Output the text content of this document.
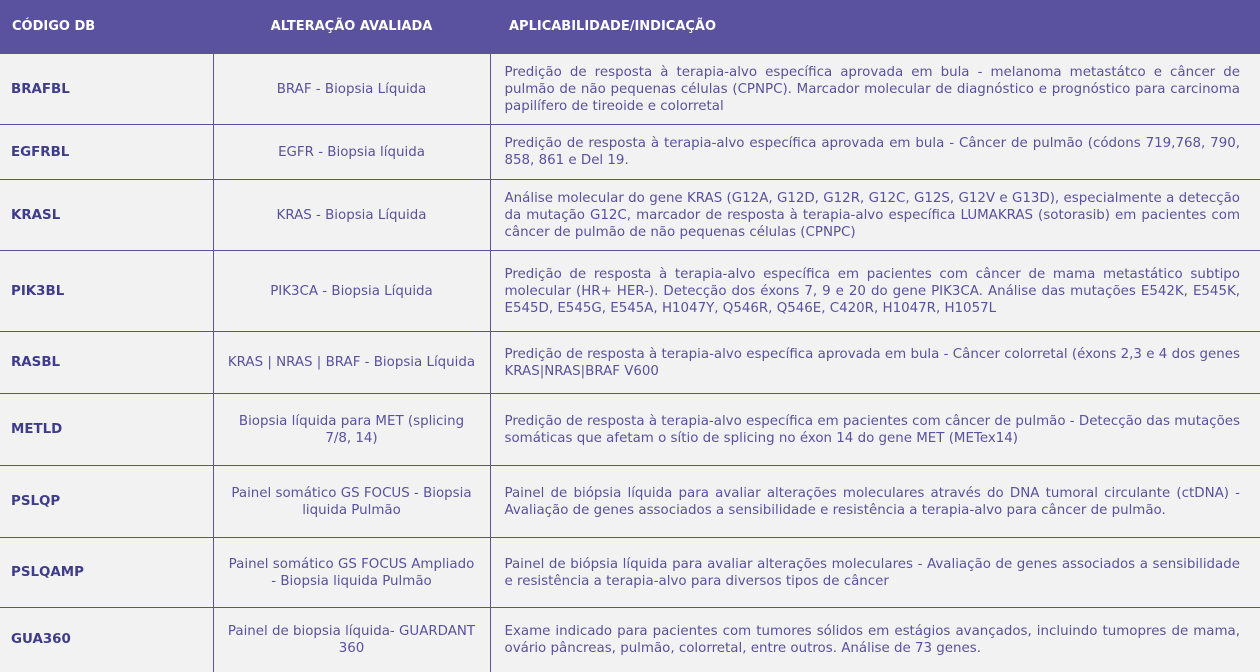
CÓDIGO DB	ALTERAÇÃO AVALIADA	APLICABILIDADE/INDICAÇÃO
BRAFBL	BRAF - Biopsia Líquida	Predição de resposta à terapia-alvo específica aprovada em bula - melanoma metastátco e câncer de pulmão de não pequenas células (CPNPC). Marcador molecular de diagnóstico e prognóstico para carcinoma papilífero de tireoide e colorretal
EGFRBL	EGFR - Biopsia líquida	Predição de resposta à terapia-alvo específica aprovada em bula - Câncer de pulmão (códons 719,768, 790, 858, 861 e Del 19.
KRASL	KRAS - Biopsia Líquida	Análise molecular do gene KRAS (G12A, G12D, G12R, G12C, G12S, G12V e G13D), especialmente a detecção da mutação G12C, marcador de resposta à terapia-alvo específica LUMAKRAS (sotorasib) em pacientes com câncer de pulmão de não pequenas células (CPNPC)
PIK3BL	PIK3CA - Biopsia Líquida	Predição de resposta à terapia-alvo específica em pacientes com câncer de mama metastático subtipo molecular (HR+ HER-). Detecção dos éxons 7, 9 e 20 do gene PIK3CA. Análise das mutações E542K, E545K, E545D, E545G, E545A, H1047Y, Q546R, Q546E, C420R, H1047R, H1057L
RASBL	KRAS | NRAS | BRAF - Biopsia Líquida	Predição de resposta à terapia-alvo específica aprovada em bula - Câncer colorretal (éxons 2,3 e 4 dos genes KRAS|NRAS|BRAF V600
METLD	Biopsia líquida para MET (splicing 7/8, 14)	Predição de resposta à terapia-alvo específica em pacientes com câncer de pulmão - Detecção das mutações somáticas que afetam o sítio de splicing no éxon 14 do gene MET (METex14)
PSLQP	Painel somático GS FOCUS - Biopsia liquida Pulmão	Painel de biópsia líquida para avaliar alterações moleculares através do DNA tumoral circulante (ctDNA) - Avaliação de genes associados a sensibilidade e resistência a terapia-alvo para câncer de pulmão.
PSLQAMP	Painel somático GS FOCUS Ampliado - Biopsia liquida Pulmão	Painel de biópsia líquida para avaliar alterações moleculares - Avaliação de genes associados a sensibilidade e resistência a terapia-alvo para diversos tipos de câncer
GUA360	Painel de biopsia líquida- GUARDANT 360	Exame indicado para pacientes com tumores sólidos em estágios avançados, incluindo tumopres de mama, ovário pâncreas, pulmão, colorretal, entre outros. Análise de 73 genes.
